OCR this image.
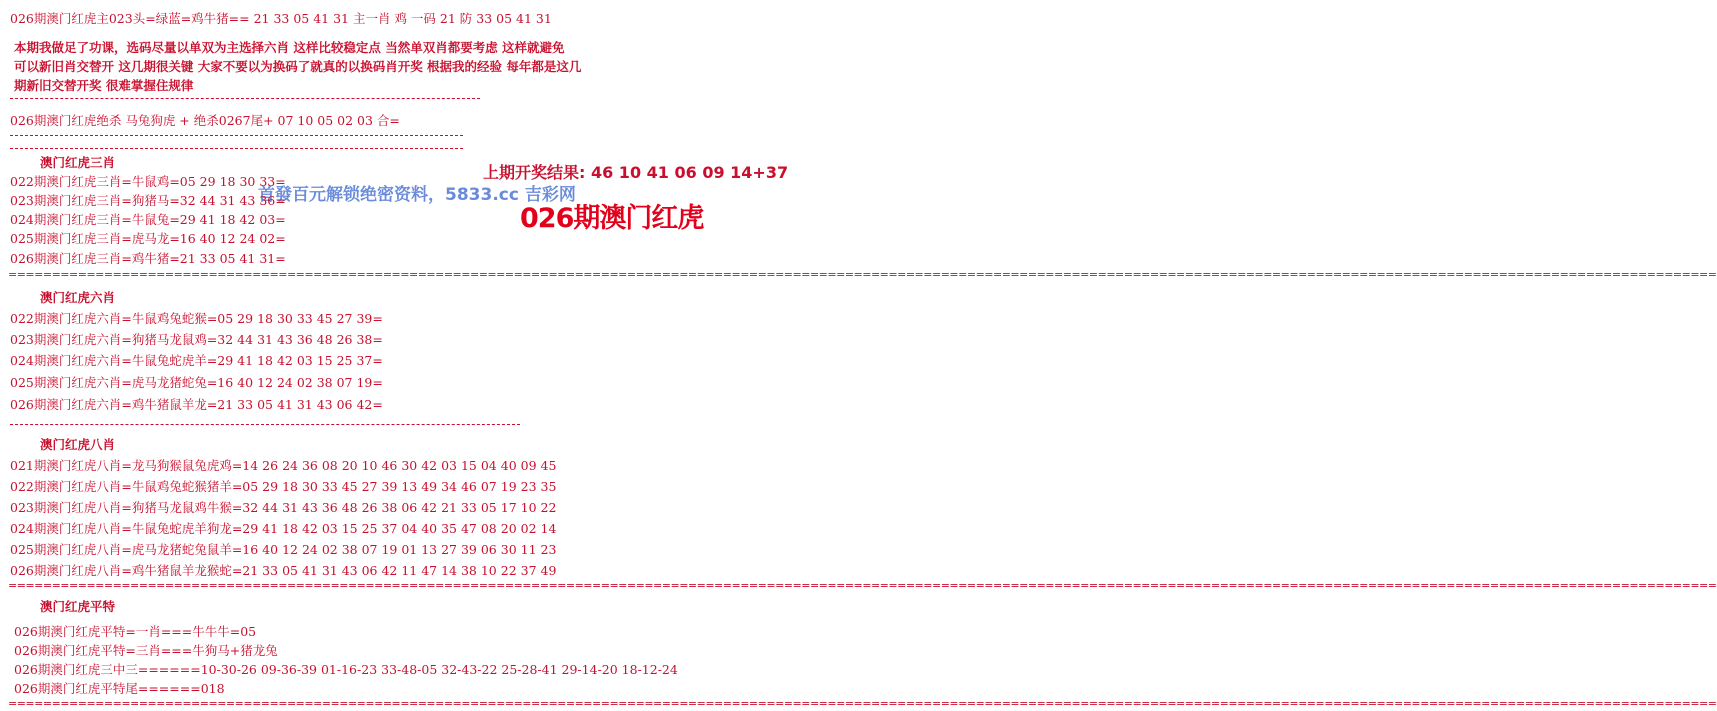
026期澳门红虎主023头=绿蓝=鸡牛猪== 21 33 05 41 31 主一肖 鸡 一码 21 防 33 05 41 31
本期我做足了功课，选码尽量以单双为主选择六肖 这样比较稳定点 当然单双肖都要考虑 这样就避免
可以新旧肖交替开 这几期很关键 大家不要以为换码了就真的以换码肖开奖 根据我的经验 每年都是这几
期新旧交替开奖 很难掌握住规律
026期澳门红虎绝杀 马兔狗虎 + 绝杀0267尾+ 07 10 05 02 03 合=
上期开奖结果: 46 10 41 06 09 14+37
首發百元解锁绝密资料，5833.cc 吉彩网
026期澳门红虎
澳门红虎三肖
022期澳门红虎三肖=牛鼠鸡=05 29 18 30 33=
023期澳门红虎三肖=狗猪马=32 44 31 43 36=
024期澳门红虎三肖=牛鼠兔=29 41 18 42 03=
025期澳门红虎三肖=虎马龙=16 40 12 24 02=
026期澳门红虎三肖=鸡牛猪=21 33 05 41 31=
====================================================================================================================================================================================================
澳门红虎六肖
022期澳门红虎六肖=牛鼠鸡兔蛇猴=05 29 18 30 33 45 27 39=
023期澳门红虎六肖=狗猪马龙鼠鸡=32 44 31 43 36 48 26 38=
024期澳门红虎六肖=牛鼠兔蛇虎羊=29 41 18 42 03 15 25 37=
025期澳门红虎六肖=虎马龙猪蛇兔=16 40 12 24 02 38 07 19=
026期澳门红虎六肖=鸡牛猪鼠羊龙=21 33 05 41 31 43 06 42=
澳门红虎八肖
021期澳门红虎八肖=龙马狗猴鼠兔虎鸡=14 26 24 36 08 20 10 46 30 42 03 15 04 40 09 45
022期澳门红虎八肖=牛鼠鸡兔蛇猴猪羊=05 29 18 30 33 45 27 39 13 49 34 46 07 19 23 35
023期澳门红虎八肖=狗猪马龙鼠鸡牛猴=32 44 31 43 36 48 26 38 06 42 21 33 05 17 10 22
024期澳门红虎八肖=牛鼠兔蛇虎羊狗龙=29 41 18 42 03 15 25 37 04 40 35 47 08 20 02 14
025期澳门红虎八肖=虎马龙猪蛇兔鼠羊=16 40 12 24 02 38 07 19 01 13 27 39 06 30 11 23
026期澳门红虎八肖=鸡牛猪鼠羊龙猴蛇=21 33 05 41 31 43 06 42 11 47 14 38 10 22 37 49
====================================================================================================================================================================================================
澳门红虎平特
026期澳门红虎平特=一肖===牛牛牛=05
026期澳门红虎平特=三肖===牛狗马+猪龙兔
026期澳门红虎三中三======10-30-26 09-36-39 01-16-23 33-48-05 32-43-22 25-28-41 29-14-20 18-12-24
026期澳门红虎平特尾======018
====================================================================================================================================================================================================
